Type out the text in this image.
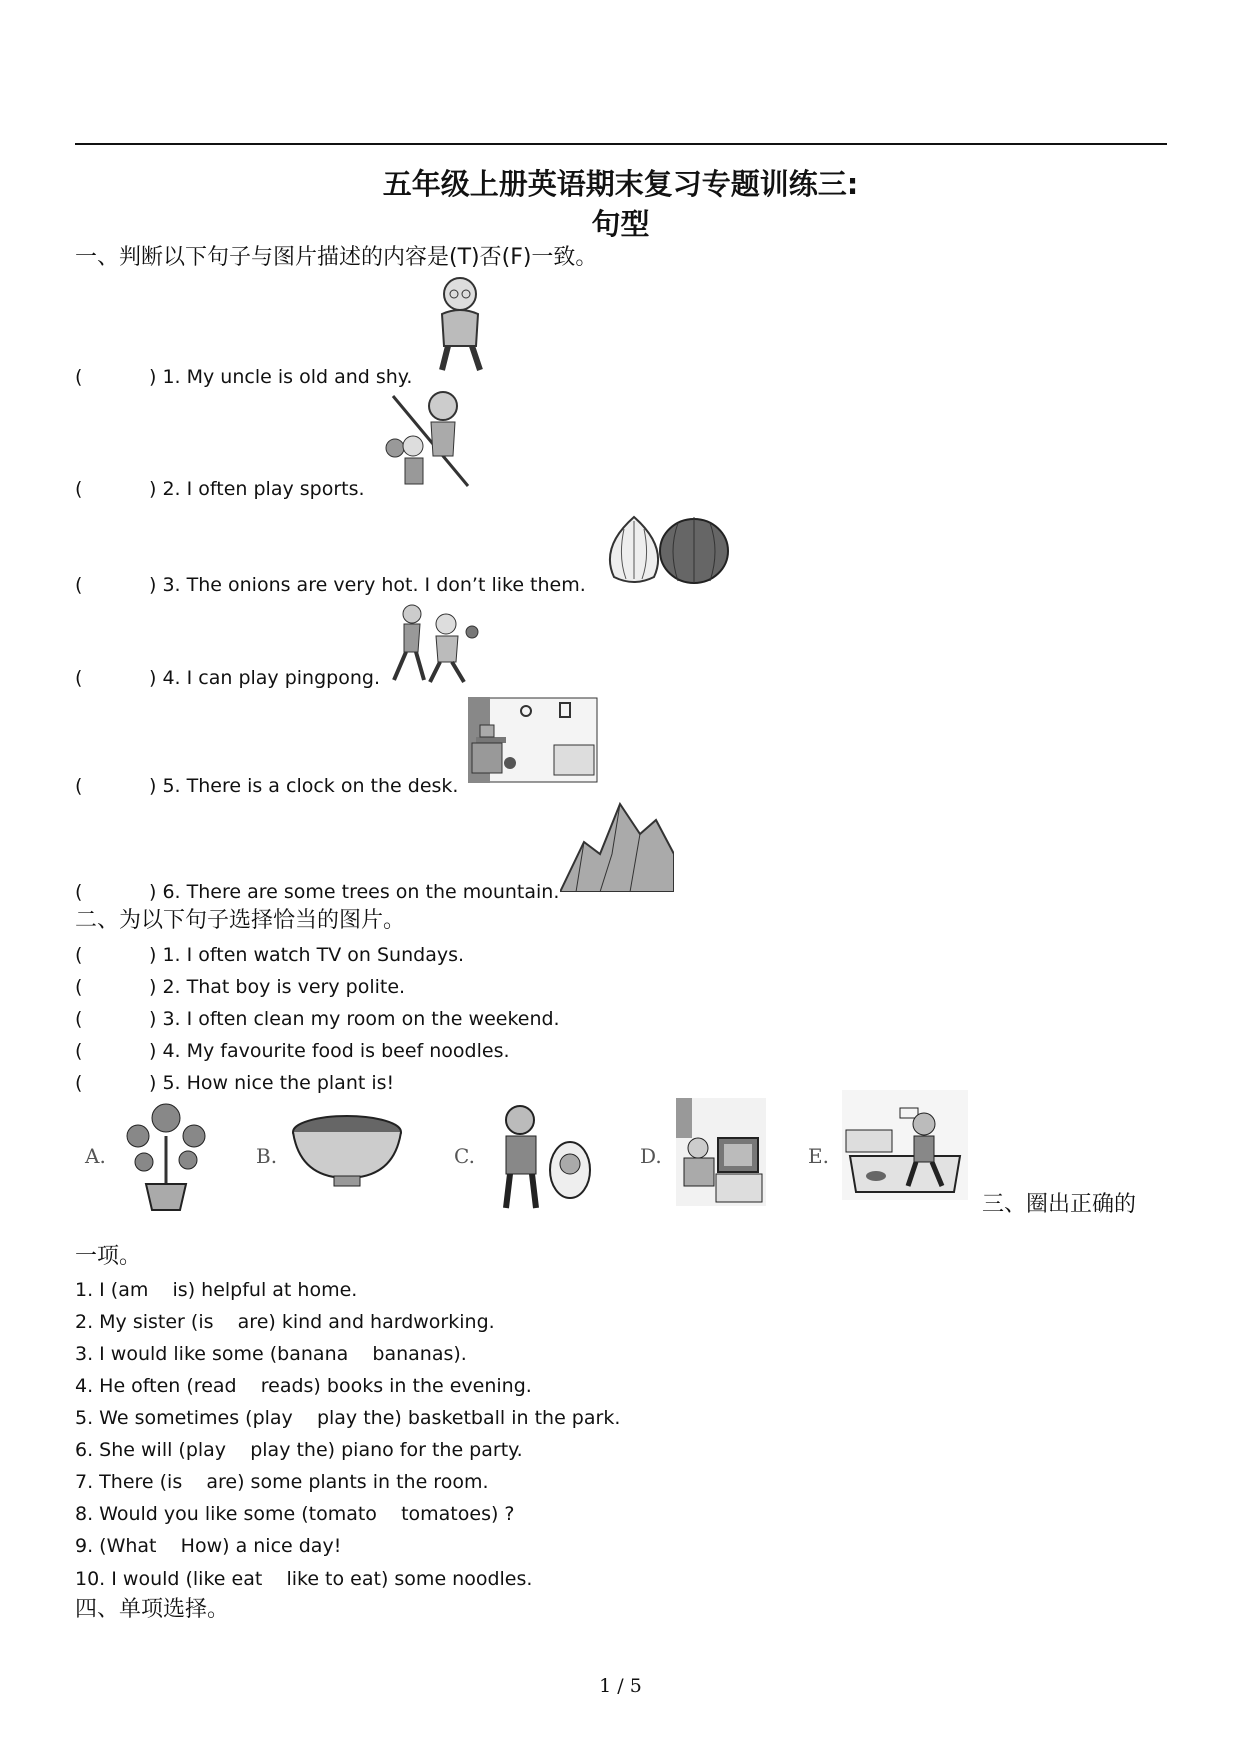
五年级上册英语期末复习专题训练三:
句型
一、判断以下句子与图片描述的内容是(T)否(F)一致。
(	) 1. My uncle is old and shy.
(	) 2. I often play sports.
(	) 3. The onions are very hot. I don’t like them.
(	) 4. I can play pingpong.
(	) 5. There is a clock on the desk.
(	) 6. There are some trees on the mountain.
二、为以下句子选择恰当的图片。
(	) 1. I often watch TV on Sundays.
(	) 2. That boy is very polite.
(	) 3. I often clean my room on the weekend.
(	) 4. My favourite food is beef noodles.
(	) 5. How nice the plant is!
A.	B.	C.	D.	E.
三、圈出正确的
一项。
1. I (am    is) helpful at home.
2. My sister (is    are) kind and hardworking.
3. I would like some (banana    bananas).
4. He often (read    reads) books in the evening.
5. We sometimes (play    play the) basketball in the park.
6. She will (play    play the) piano for the party.
7. There (is    are) some plants in the room.
8. Would you like some (tomato    tomatoes) ?
9. (What    How) a nice day!
10. I would (like eat    like to eat) some noodles.
四、单项选择。
1 / 5
